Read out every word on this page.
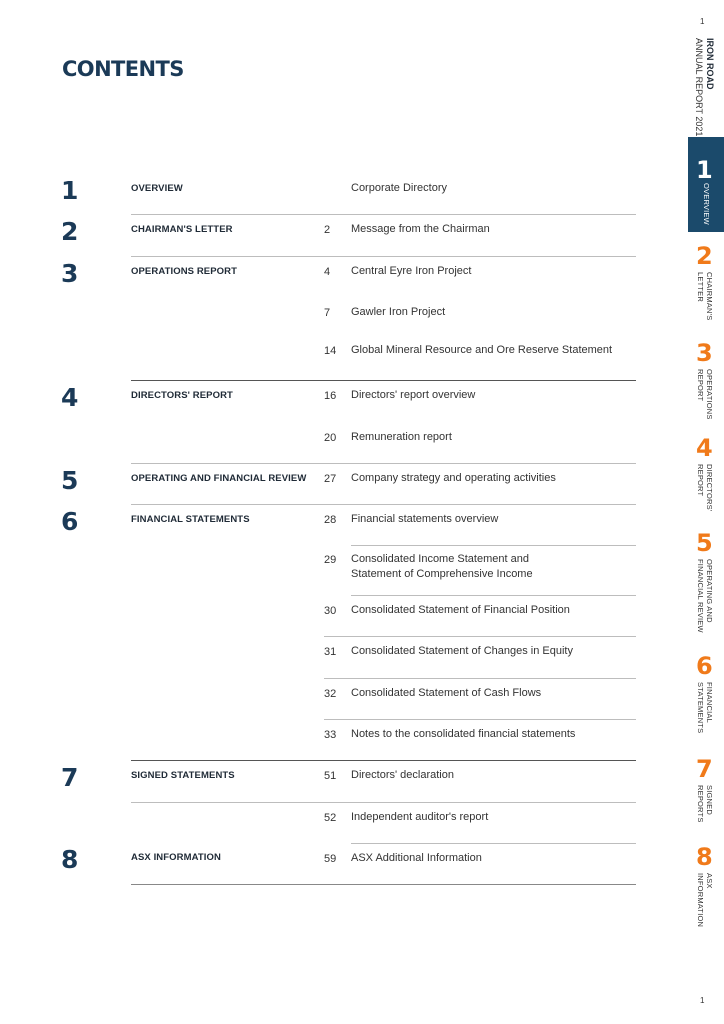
CONTENTS
1
2
3
4
5
6
7
8
OVERVIEW
CHAIRMAN'S LETTER
OPERATIONS REPORT
DIRECTORS' REPORT
OPERATING AND FINANCIAL REVIEW
FINANCIAL STATEMENTS
SIGNED STATEMENTS
ASX INFORMATION
Corporate Directory
2 Message from the Chairman
4 Central Eyre Iron Project
7 Gawler Iron Project
14 Global Mineral Resource and Ore Reserve Statement
16 Directors' report overview
20 Remuneration report
27 Company strategy and operating activities
28 Financial statements overview
29 Consolidated Income Statement and Statement of Comprehensive Income
30 Consolidated Statement of Financial Position
31 Consolidated Statement of Changes in Equity
32 Consolidated Statement of Cash Flows
33 Notes to the consolidated financial statements
51 Directors' declaration
52 Independent auditor's report
59 ASX Additional Information
1
IRON ROAD
ANNUAL REPORT 2021
1
OVERVIEW
2
CHAIRMAN'S
LETTER
3
OPERATIONS
REPORT
4
DIRECTORS'
REPORT
5
OPERATING AND
FINANCIAL REVIEW
6
FINANCIAL
STATEMENTS
7
SIGNED
REPORTS
8
ASX
INFORMATION
1
